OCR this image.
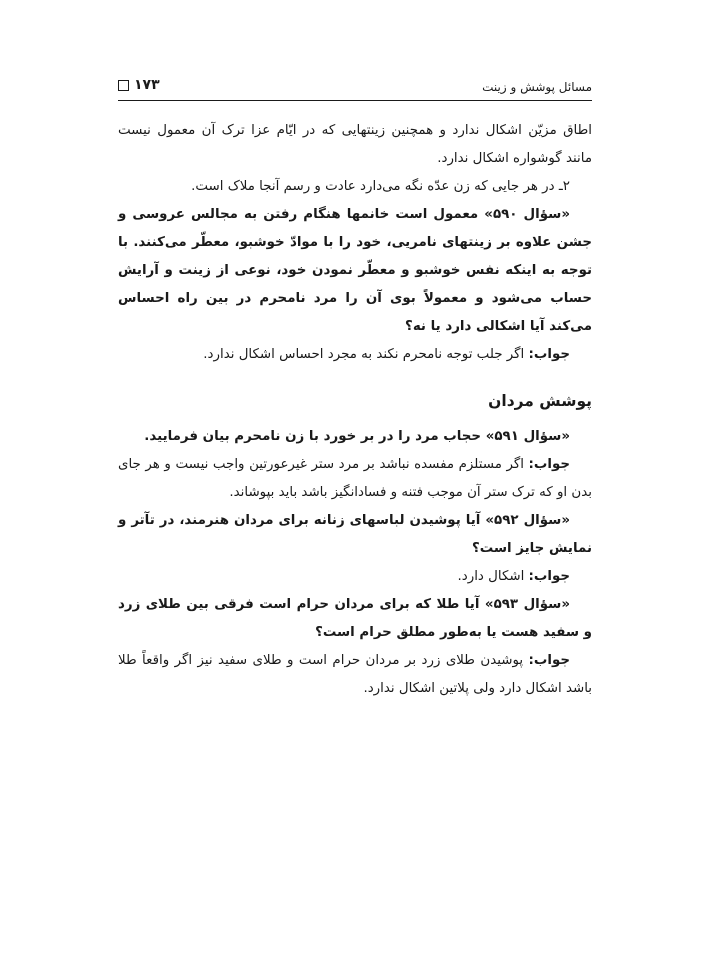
مسائل پوشش و زینت
۱۷۳

اطاق مزیّن اشکال ندارد و همچنین زینتهایی که در ایّام عزا ترک آن معمول نیست مانند گوشواره اشکال ندارد.

۲ـ در هر جایی که زن عدّه نگه می‌دارد عادت و رسم آنجا ملاک است.

«سؤال ۵۹۰» معمول است خانمها هنگام رفتن به مجالس عروسی و جشن علاوه بر زینتهای نامریی، خود را با موادّ خوشبو، معطّر می‌کنند. با توجه به اینکه نفس خوشبو و معطّر نمودن خود، نوعی از زینت و آرایش حساب می‌شود و معمولاً بوی آن را مرد نامحرم در بین راه احساس می‌کند آیا اشکالی دارد یا نه؟

جواب: اگر جلب توجه نامحرم نکند به مجرد احساس اشکال ندارد.

پوشش مردان

«سؤال ۵۹۱» حجاب مرد را در بر خورد با زن نامحرم بیان فرمایید.

جواب: اگر مستلزم مفسده نباشد بر مرد ستر غیرعورتین واجب نیست و هر جای بدن او که ترک ستر آن موجب فتنه و فسادانگیز باشد باید بپوشاند.

«سؤال ۵۹۲» آیا پوشیدن لباسهای زنانه برای مردان هنرمند، در تآتر و نمایش جایز است؟

جواب: اشکال دارد.

«سؤال ۵۹۳» آیا طلا که برای مردان حرام است فرقی بین طلای زرد و سفید هست یا به‌طور مطلق حرام است؟

جواب: پوشیدن طلای زرد بر مردان حرام است و طلای سفید نیز اگر واقعاً طلا باشد اشکال دارد ولی پلاتین اشکال ندارد.
